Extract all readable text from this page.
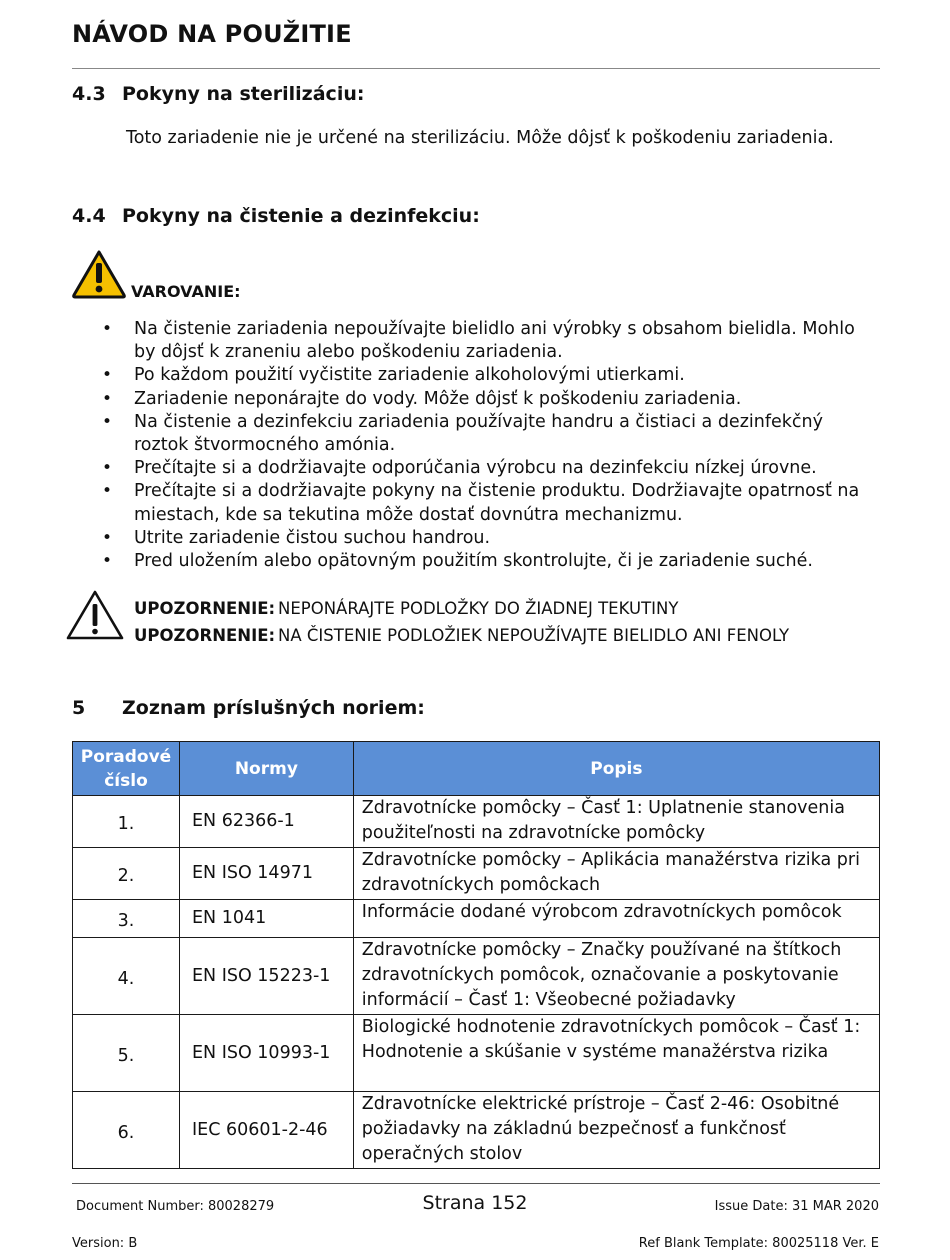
NÁVOD NA POUŽITIE
4.3 Pokyny na sterilizáciu:
Toto zariadenie nie je určené na sterilizáciu. Môže dôjsť k poškodeniu zariadenia.
4.4 Pokyny na čistenie a dezinfekciu:
VAROVANIE:
• Na čistenie zariadenia nepoužívajte bielidlo ani výrobky s obsahom bielidla. Mohlo by dôjsť k zraneniu alebo poškodeniu zariadenia.
• Po každom použití vyčistite zariadenie alkoholovými utierkami.
• Zariadenie neponárajte do vody. Môže dôjsť k poškodeniu zariadenia.
• Na čistenie a dezinfekciu zariadenia používajte handru a čistiaci a dezinfekčný roztok štvormocného amónia.
• Prečítajte si a dodržiavajte odporúčania výrobcu na dezinfekciu nízkej úrovne.
• Prečítajte si a dodržiavajte pokyny na čistenie produktu. Dodržiavajte opatrnosť na miestach, kde sa tekutina môže dostať dovnútra mechanizmu.
• Utrite zariadenie čistou suchou handrou.
• Pred uložením alebo opätovným použitím skontrolujte, či je zariadenie suché.
UPOZORNENIE: NEPONÁRAJTE PODLOŽKY DO ŽIADNEJ TEKUTINY
UPOZORNENIE: NA ČISTENIE PODLOŽIEK NEPOUŽÍVAJTE BIELIDLO ANI FENOLY
5 Zoznam príslušných noriem:
Poradové číslo	Normy	Popis
1.	EN 62366-1	Zdravotnícke pomôcky – Časť 1: Uplatnenie stanovenia použiteľnosti na zdravotnícke pomôcky
2.	EN ISO 14971	Zdravotnícke pomôcky – Aplikácia manažérstva rizika pri zdravotníckych pomôckach
3.	EN 1041	Informácie dodané výrobcom zdravotníckych pomôcok
4.	EN ISO 15223-1	Zdravotnícke pomôcky – Značky používané na štítkoch zdravotníckych pomôcok, označovanie a poskytovanie informácií – Časť 1: Všeobecné požiadavky
5.	EN ISO 10993-1	Biologické hodnotenie zdravotníckych pomôcok – Časť 1: Hodnotenie a skúšanie v systéme manažérstva rizika
6.	IEC 60601-2-46	Zdravotnícke elektrické prístroje – Časť 2-46: Osobitné požiadavky na základnú bezpečnosť a funkčnosť operačných stolov
Document Number: 80028279	Strana 152	Issue Date: 31 MAR 2020
Version: B	Ref Blank Template: 80025118 Ver. E
